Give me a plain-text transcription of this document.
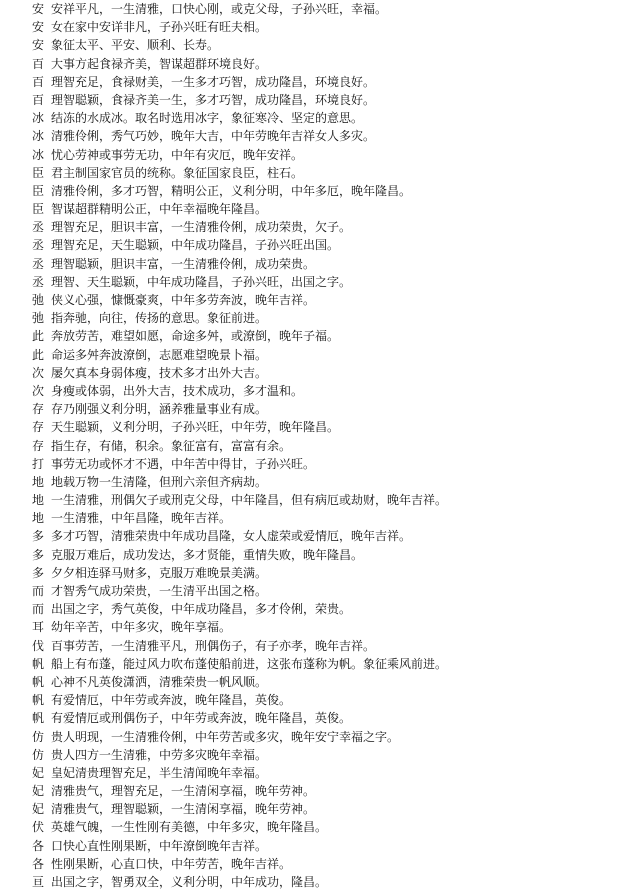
安 安祥平凡，一生清雅，口快心刚，或克父母，子孙兴旺，幸福。
安 女在家中安详非凡，子孙兴旺有旺夫相。
安 象征太平、平安、顺利、长寿。
百 大事方起食禄齐美，智谋超群环境良好。
百 理智充足，食禄财美，一生多才巧智，成功隆昌，环境良好。
百 理智聪颖，食禄齐美一生，多才巧智，成功隆昌，环境良好。
冰 结冻的水成冰。取名时选用冰字，象征寒冷、坚定的意思。
冰 清雅伶俐，秀气巧妙，晚年大吉，中年劳晚年吉祥女人多灾。
冰 忧心劳神或事劳无功，中年有灾厄，晚年安祥。
臣 君主制国家官员的统称。象征国家良臣，柱石。
臣 清雅伶俐，多才巧智，精明公正，义利分明，中年多厄，晚年隆昌。
臣 智谋超群精明公正，中年幸福晚年隆昌。
丞 理智充足，胆识丰富，一生清雅伶俐，成功荣贵，欠子。
丞 理智充足，天生聪颖，中年成功隆昌，子孙兴旺出国。
丞 理智聪颖，胆识丰富，一生清雅伶俐，成功荣贵。
丞 理智、天生聪颖，中年成功隆昌，子孙兴旺，出国之字。
弛 侠义心强，慷慨豪爽，中年多劳奔波，晚年吉祥。
弛 指奔驰，向往，传扬的意思。象征前进。
此 奔放劳苦，难望如愿，命途多舛，或潦倒，晚年子福。
此 命运多舛奔波潦倒，志愿难望晚景卜福。
次 屡欠真本身弱体瘦，技术多才出外大吉。
次 身瘦或体弱，出外大吉，技术成功，多才温和。
存 存乃刚强义利分明，涵养雅量事业有成。
存 天生聪颖，义利分明，子孙兴旺，中年劳，晚年隆昌。
存 指生存，有储，积余。象征富有，富富有余。
打 事劳无功或怀才不遇，中年苦中得甘，子孙兴旺。
地 地载万物一生清隆，但刑六亲但齐病劫。
地 一生清雅，刑偶欠子或刑克父母，中年隆昌，但有病厄或劫财，晚年吉祥。
地 一生清雅，中年昌隆，晚年吉祥。
多 多才巧智，清雅荣贵中年成功昌隆，女人虚荣或爱情厄，晚年吉祥。
多 克服万难后，成功发达，多才贤能，重情失败，晚年隆昌。
多 夕夕相连驿马财多，克服万难晚景美满。
而 才智秀气成功荣贵，一生清平出国之格。
而 出国之字，秀气英俊，中年成功隆昌，多才伶俐，荣贵。
耳 幼年辛苦，中年多灾，晚年享福。
伐 百事劳苦，一生清雅平凡，刑偶伤子，有子亦孝，晚年吉祥。
帆 船上有布蓬，能过风力吹布蓬使船前进，这张布蓬称为帆。象征乘风前进。
帆 心神不凡英俊潇洒，清雅荣贵一帆风顺。
帆 有爱情厄，中年劳或奔波，晚年隆昌，英俊。
帆 有爱情厄或刑偶伤子，中年劳或奔波，晚年隆昌，英俊。
仿 贵人明现，一生清雅伶俐，中年劳苦或多灾，晚年安宁幸福之字。
仿 贵人四方一生清雅，中劳多灾晚年幸福。
妃 皇妃清贵理智充足，半生清闻晚年幸福。
妃 清雅贵气，理智充足，一生清闲享福，晚年劳神。
妃 清雅贵气，理智聪颖，一生清闲享福，晚年劳神。
伏 英雄气魄，一生性刚有美德，中年多灾，晚年隆昌。
各 口快心直性刚果断，中年潦倒晚年吉祥。
各 性刚果断，心直口快，中年劳苦，晚年吉祥。
亘 出国之字，智勇双全，义利分明，中年成功，隆昌。
